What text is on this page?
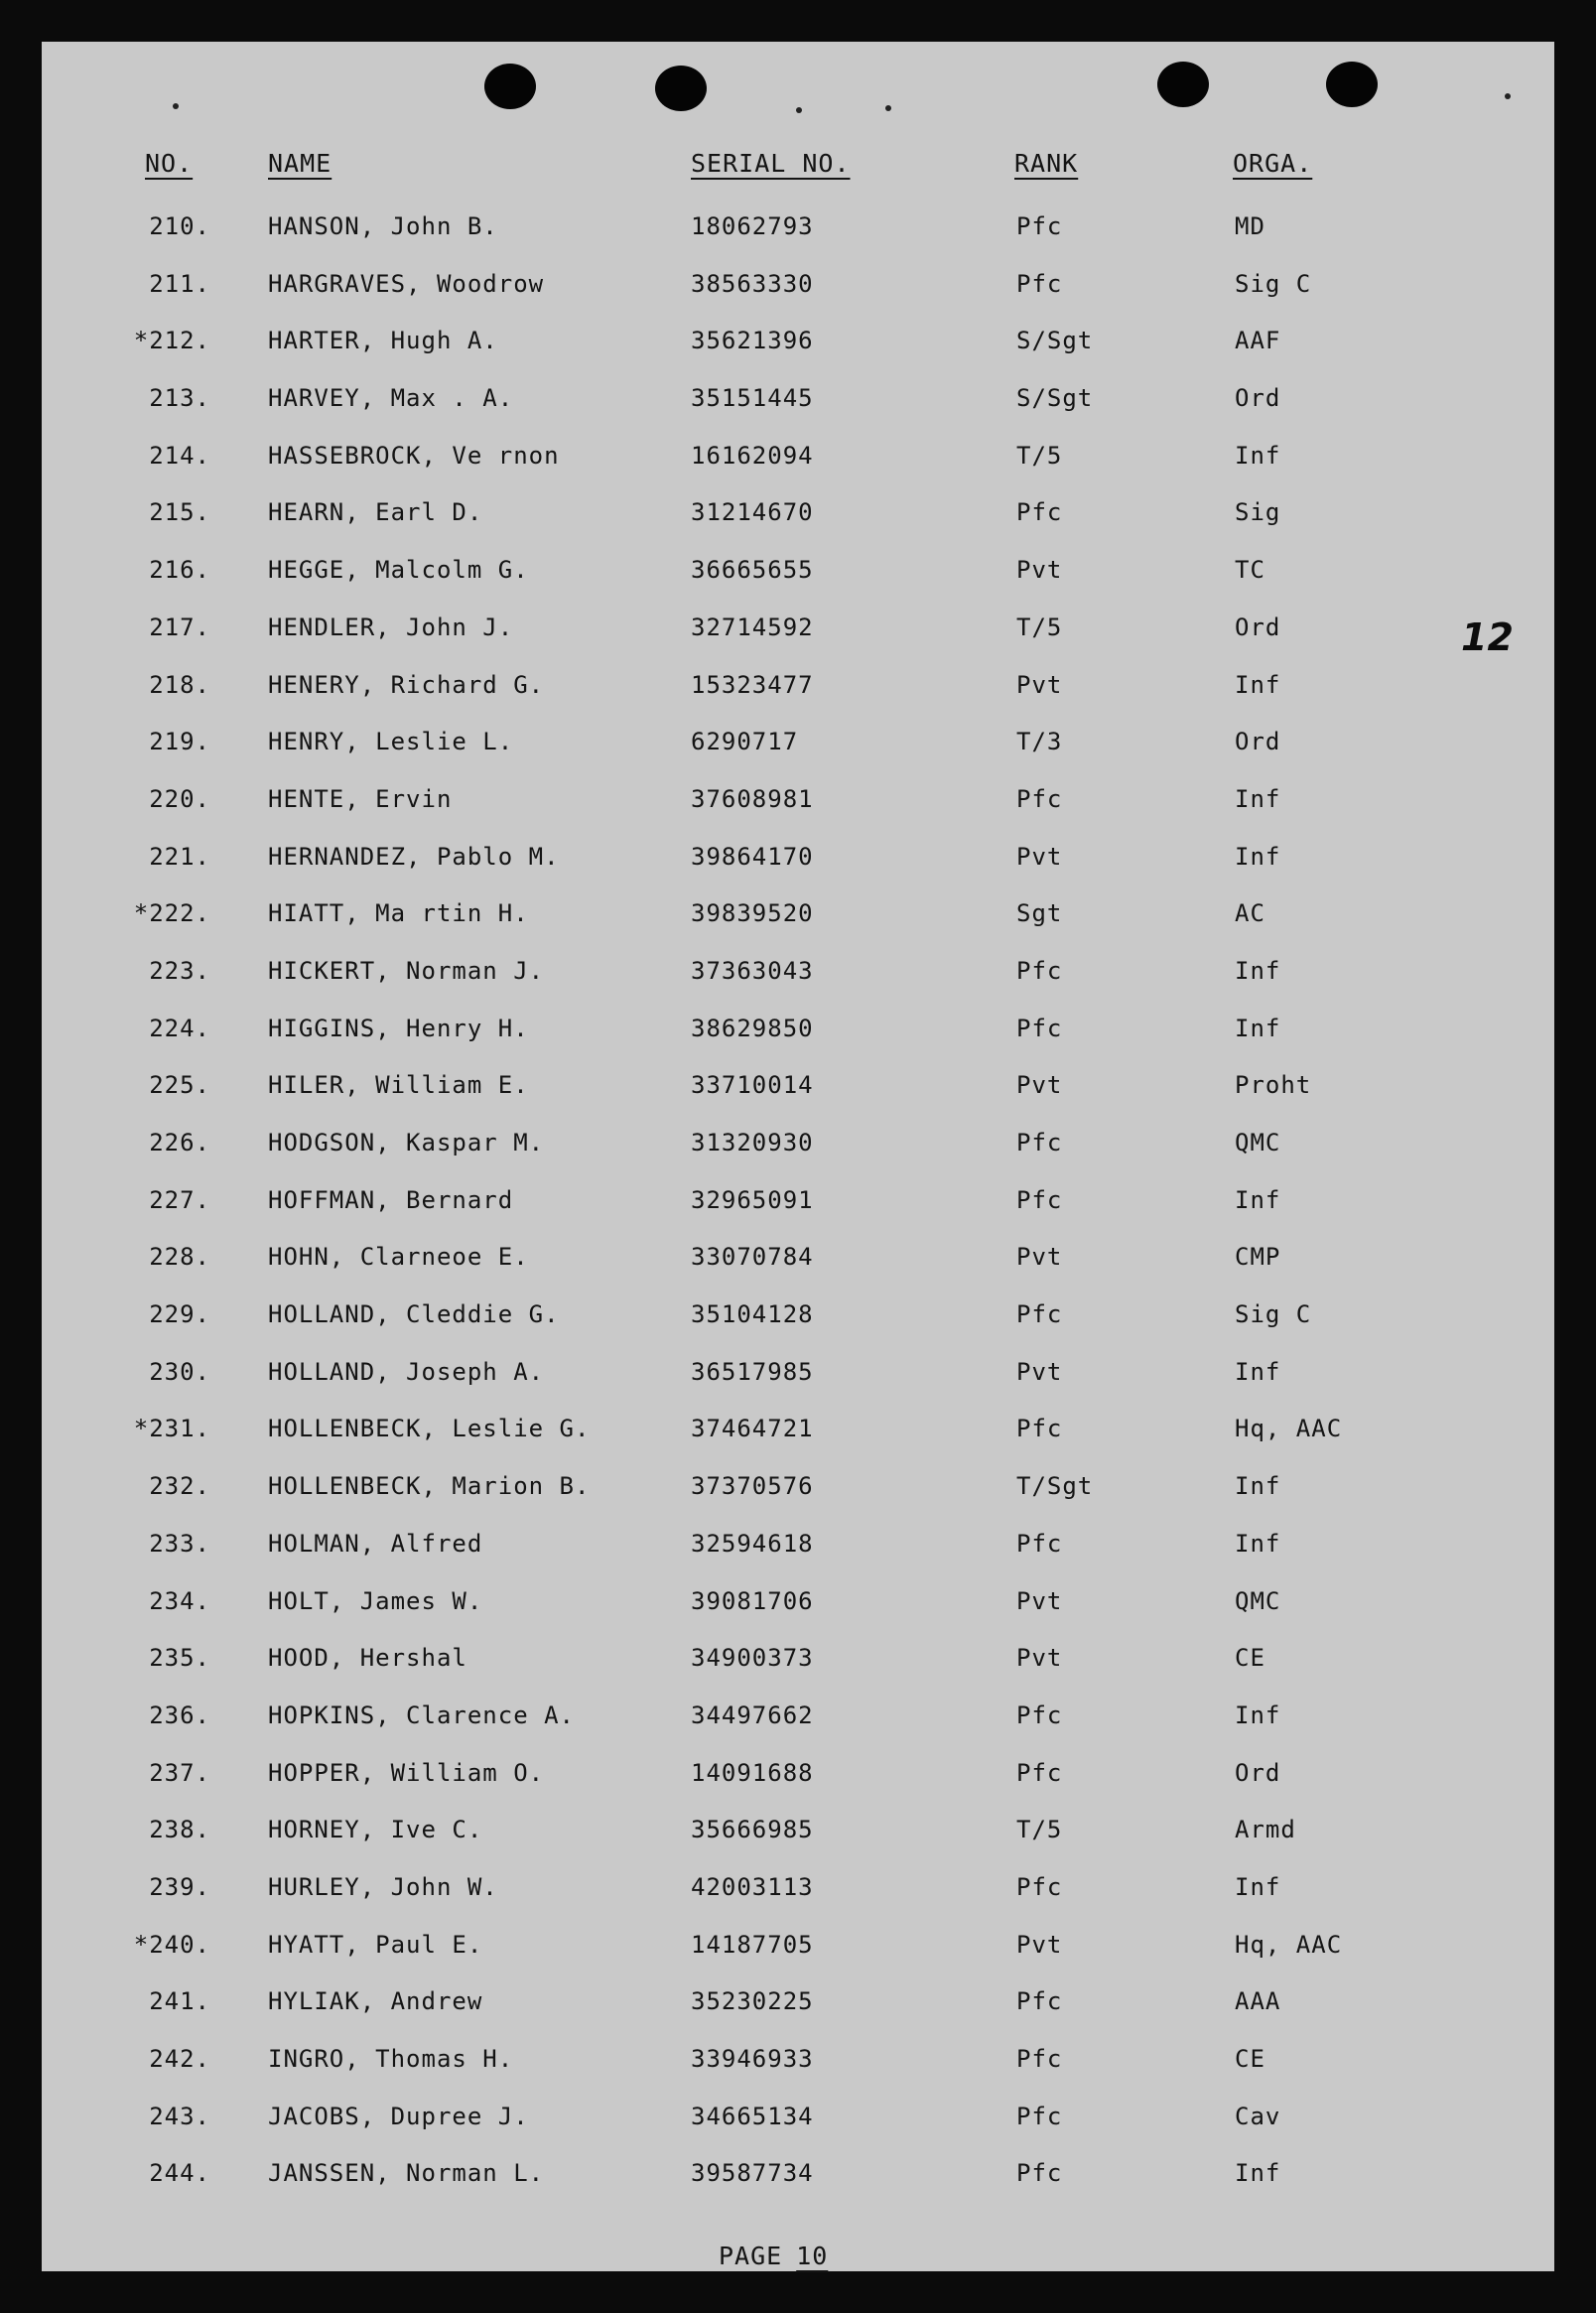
NO.	NAME	SERIAL NO.	RANK	ORGA.
210. HANSON, John B.	18062793	Pfc	MD
211. HARGRAVES, Woodrow	38563330	Pfc	Sig C
*212. HARTER, Hugh A.	35621396	S/Sgt	AAF
213. HARVEY, Max . A.	35151445	S/Sgt	Ord
214. HASSEBROCK, Ve rnon	16162094	T/5	Inf
215. HEARN, Earl D.	31214670	Pfc	Sig
216. HEGGE, Malcolm G.	36665655	Pvt	TC
217. HENDLER, John J.	32714592	T/5	Ord
218. HENERY, Richard G.	15323477	Pvt	Inf
219. HENRY, Leslie L.	6290717	T/3	Ord
220. HENTE, Ervin	37608981	Pfc	Inf
221. HERNANDEZ, Pablo M.	39864170	Pvt	Inf
*222. HIATT, Ma rtin H.	39839520	Sgt	AC
223. HICKERT, Norman J.	37363043	Pfc	Inf
224. HIGGINS, Henry H.	38629850	Pfc	Inf
225. HILER, William E.	33710014	Pvt	Proht
226. HODGSON, Kaspar M.	31320930	Pfc	QMC
227. HOFFMAN, Bernard	32965091	Pfc	Inf
228. HOHN, Clarneoe E.	33070784	Pvt	CMP
229. HOLLAND, Cleddie G.	35104128	Pfc	Sig C
230. HOLLAND, Joseph A.	36517985	Pvt	Inf
*231. HOLLENBECK, Leslie G.	37464721	Pfc	Hq, AAC
232. HOLLENBECK, Marion B.	37370576	T/Sgt	Inf
233. HOLMAN, Alfred	32594618	Pfc	Inf
234. HOLT, James W.	39081706	Pvt	QMC
235. HOOD, Hershal	34900373	Pvt	CE
236. HOPKINS, Clarence A.	34497662	Pfc	Inf
237. HOPPER, William O.	14091688	Pfc	Ord
238. HORNEY, Ive C.	35666985	T/5	Armd
239. HURLEY, John W.	42003113	Pfc	Inf
*240. HYATT, Paul E.	14187705	Pvt	Hq, AAC
241. HYLIAK, Andrew	35230225	Pfc	AAA
242. INGRO, Thomas H.	33946933	Pfc	CE
243. JACOBS, Dupree J.	34665134	Pfc	Cav
244. JANSSEN, Norman L.	39587734	Pfc	Inf
12
PAGE 10
